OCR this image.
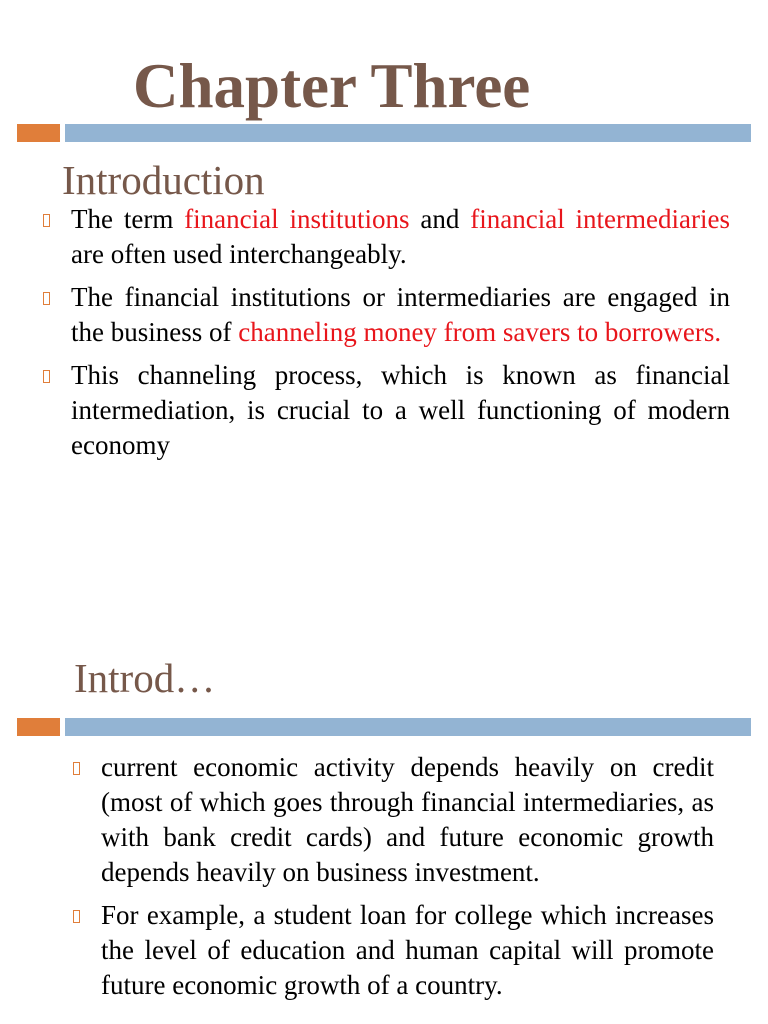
Chapter Three
Introduction
The term financial institutions and financial intermediaries are often used interchangeably.
The financial institutions or intermediaries are engaged in the business of channeling money from savers to borrowers.
This channeling process, which is known as financial intermediation, is crucial to a well functioning of modern economy
Introd…
current economic activity depends heavily on credit (most of which goes through financial intermediaries, as with bank credit cards) and future economic growth depends heavily on business investment.
For example, a student loan for college which increases the level of education and human capital will promote future economic growth of a country.
